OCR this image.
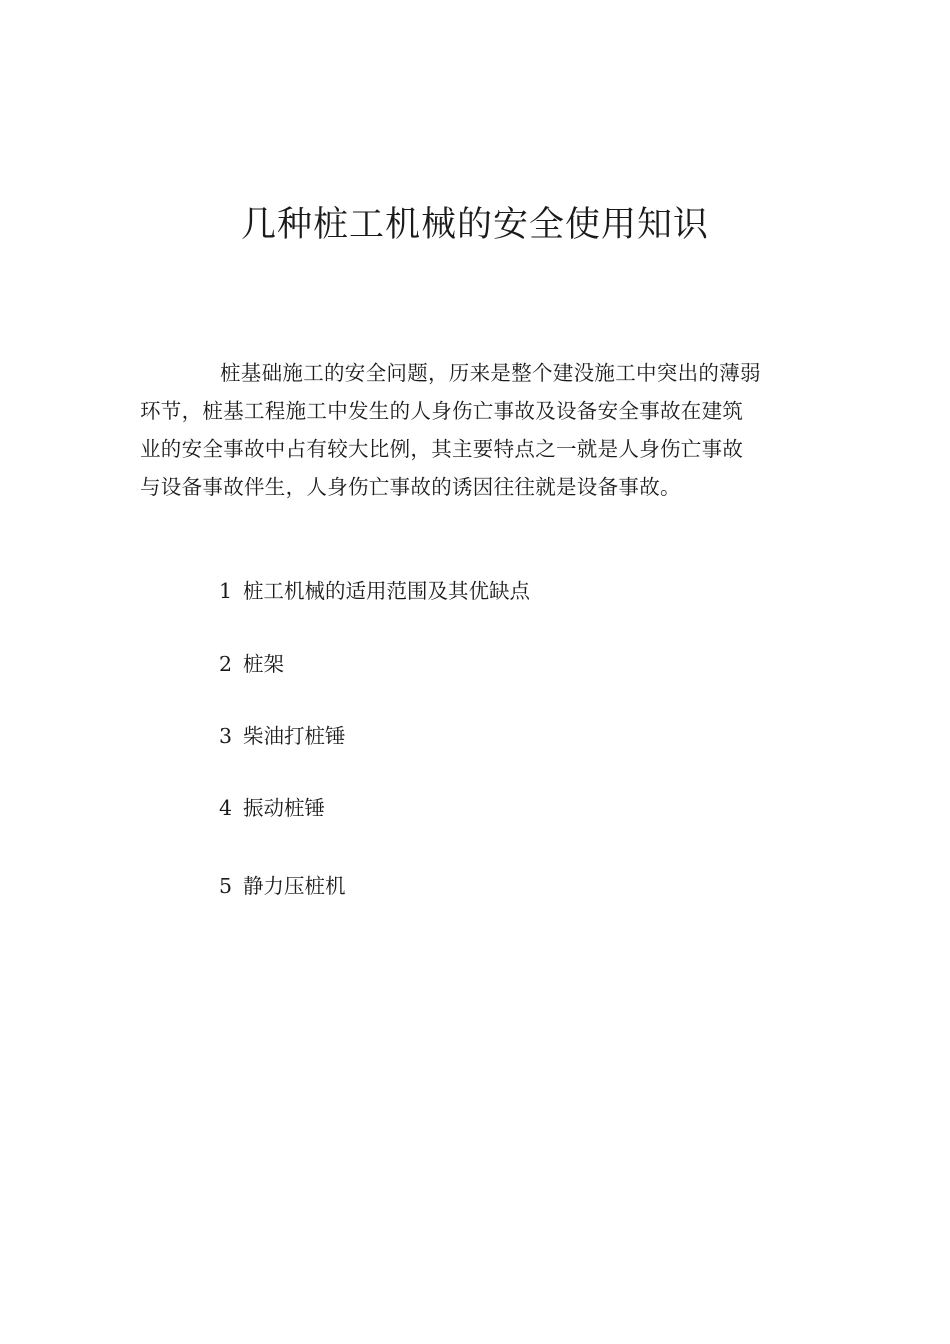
几种桩工机械的安全使用知识

桩基础施工的安全问题，历来是整个建没施工中突出的薄弱
环节，桩基工程施工中发生的人身伤亡事故及设备安全事故在建筑
业的安全事故中占有较大比例，其主要特点之一就是人身伤亡事故
与设备事故伴生，人身伤亡事故的诱因往往就是设备事故。

1 桩工机械的适用范围及其优缺点
2 桩架
3 柴油打桩锤
4 振动桩锤
5 静力压桩机
